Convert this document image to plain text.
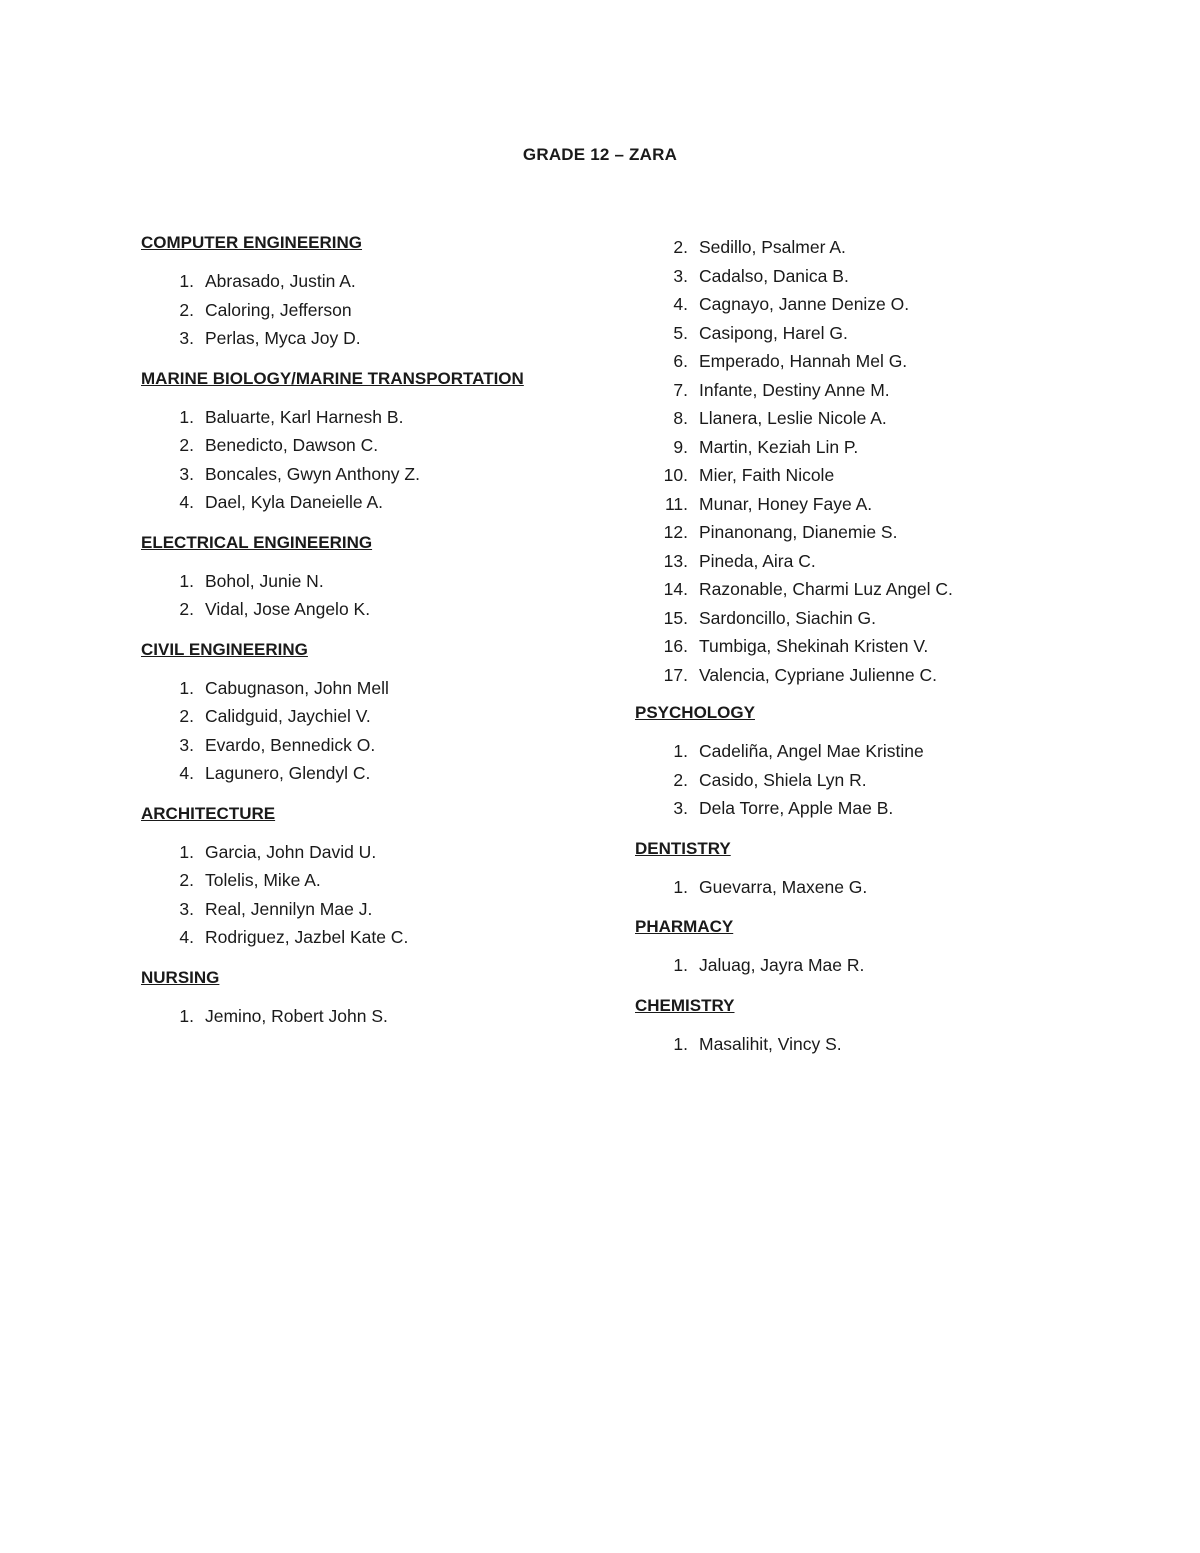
GRADE 12 – ZARA
COMPUTER ENGINEERING
1. Abrasado, Justin A.
2. Caloring, Jefferson
3. Perlas, Myca Joy D.
MARINE BIOLOGY/MARINE TRANSPORTATION
1. Baluarte, Karl Harnesh B.
2. Benedicto, Dawson C.
3. Boncales, Gwyn Anthony Z.
4. Dael, Kyla Daneielle A.
ELECTRICAL ENGINEERING
1. Bohol, Junie N.
2. Vidal, Jose Angelo K.
CIVIL ENGINEERING
1. Cabugnason, John Mell
2. Calidguid, Jaychiel V.
3. Evardo, Bennedick O.
4. Lagunero, Glendyl C.
ARCHITECTURE
1. Garcia, John David U.
2. Tolelis, Mike A.
3. Real, Jennilyn Mae J.
4. Rodriguez, Jazbel Kate C.
NURSING
1. Jemino, Robert John S.
2. Sedillo, Psalmer A.
3. Cadalso, Danica B.
4. Cagnayo, Janne Denize O.
5. Casipong, Harel G.
6. Emperado, Hannah Mel G.
7. Infante, Destiny Anne M.
8. Llanera, Leslie Nicole A.
9. Martin, Keziah Lin P.
10. Mier, Faith Nicole
11. Munar, Honey Faye A.
12. Pinanonang, Dianemie S.
13. Pineda, Aira C.
14. Razonable, Charmi Luz Angel C.
15. Sardoncillo, Siachin G.
16. Tumbiga, Shekinah Kristen V.
17. Valencia, Cypriane Julienne C.
PSYCHOLOGY
1. Cadeliña, Angel Mae Kristine
2. Casido, Shiela Lyn R.
3. Dela Torre, Apple Mae B.
DENTISTRY
1. Guevarra, Maxene G.
PHARMACY
1. Jaluag, Jayra Mae R.
CHEMISTRY
1. Masalihit, Vincy S.
